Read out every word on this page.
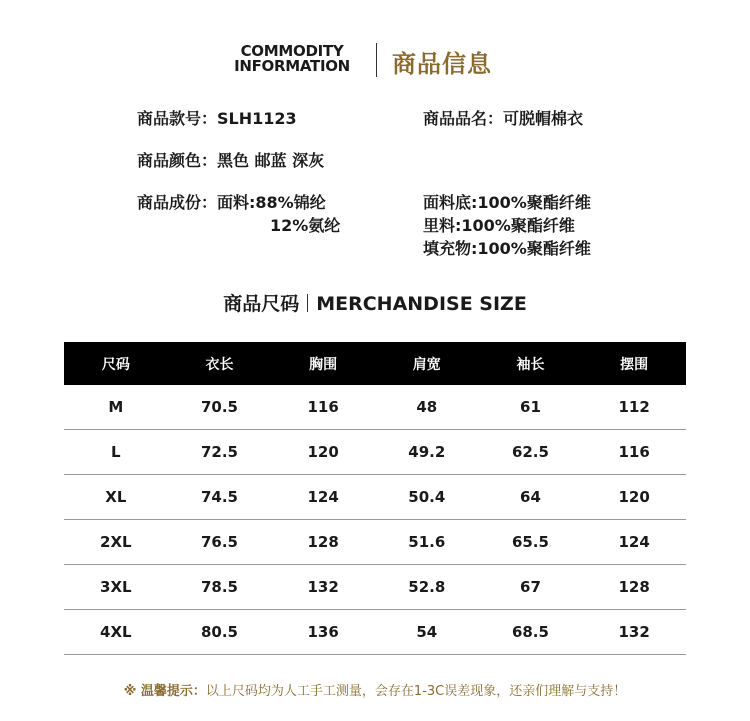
COMMODITY
INFORMATION	商品信息
商品款号：SLH1123	商品品名：可脱帽棉衣
商品颜色：黑色 邮蓝 深灰
商品成份：面料:88%锦纶
12%氨纶
面料底:100%聚酯纤维
里料:100%聚酯纤维
填充物:100%聚酯纤维
商品尺码 MERCHANDISE SIZE
尺码	衣长	胸围	肩宽	袖长	摆围
M	70.5	116	48	61	112
L	72.5	120	49.2	62.5	116
XL	74.5	124	50.4	64	120
2XL	76.5	128	51.6	65.5	124
3XL	78.5	132	52.8	67	128
4XL	80.5	136	54	68.5	132
※ 温馨提示：以上尺码均为人工手工测量，会存在1-3C误差现象，还亲们理解与支持！
